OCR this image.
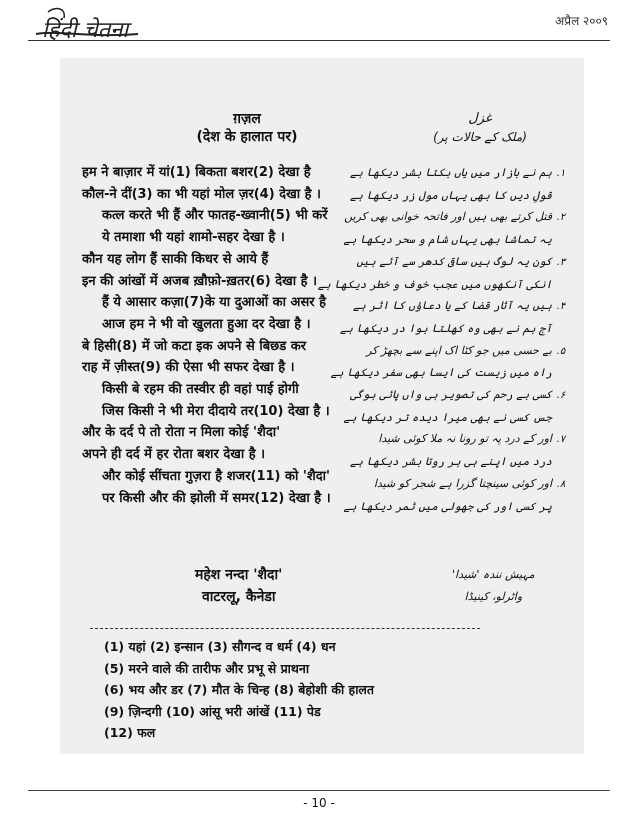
हिंदी चेतना	अप्रैल २००९
ग़ज़ल
(देश के हालात पर)
हम ने बाज़ार में यां(1) बिकता बशर(2) देखा है
कौल-ने दीं(3) का भी यहां मोल ज़र(4) देखा है ।
कत्ल करते भी हैं और फातह-ख्वानी(5) भी करें
ये तमाशा भी यहां शामो-सहर देखा है ।
कौन यह लोग हैं साकी किधर से आये हैं
इन की आंखों में अजब ख़ौफ़ो-ख़तर(6) देखा है ।
हैं ये आसार कज़ा(7)के या दुआओं का असर है
आज हम ने भी वो खुलता हुआ दर देखा है ।
बे हिसी(8) में जो कटा इक अपने से बिछड कर
राह में ज़ीस्त(9) की ऐसा भी सफर देखा है ।
किसी बे रहम की तस्वीर ही वहां पाई होगी
जिस किसी ने भी मेरा दीदाये तर(10) देखा है ।
और के दर्द पे तो रोता न मिला कोई 'शैदा'
अपने ही दर्द में हर रोता बशर देखा है ।
और कोई सींचता गुज़रा है शजर(11) को 'शैदा'
पर किसी और की झोली में समर(12) देखा है ।
غزل
(ملک کے حالات پر)
۱.
ہم نے بازار میں یاں بکتا بشر دیکھا ہے
قولِ دیں کا بھی یہاں مول زر دیکھا ہے
۲.
قتل کرتے بھی ہیں اور فاتحہ خوانی بھی کریں
یہ تماشا بھی یہاں شام و سحر دیکھا ہے
۳.
کون یہ لوگ ہیں ساقی کدھر سے آئے ہیں
انکی آنکھوں میں عجب خوف و خطر دیکھا ہے
۴.
ہیں یہ آثار قضا کے یا دعاؤں کا اثر ہے
آج ہم نے بھی وہ کھلتا ہوا در دیکھا ہے
۵.
بے حسی میں جو کٹا اک اپنے سے بچھڑ کر
راہ میں زیست کی ایسا بھی سفر دیکھا ہے
۶.
کسی بے رحم کی تصویر ہی واں پائی ہوگی
جس کسی نے بھی میرا دیدہ تر دیکھا ہے
۷.
اور کے درد پہ تو رونا نہ ملا کوئی شیدا
درد میں اپنے ہی ہر روتا بشر دیکھا ہے
۸.
اور کوئی سینچتا گزرا ہے شجر کو شیدا
پر کسی اور کی جھولی میں ثمر دیکھا ہے
महेश नन्दा 'शैदा'
वाटरलू, कैनेडा
مہیش نندہ 'شیدا'
واٹرلو، کینیڈا
(1) यहां (2) इन्सान (3) सौगन्द व धर्म (4) धन
(5) मरने वाले की तारीफ और प्रभू से प्राथना
(6) भय और डर (7) मौत के चिन्ह (8) बेहोशी की हालत
(9) ज़िन्दगी (10) आंसू भरी आंखें (11) पेड
(12) फल
- 10 -
